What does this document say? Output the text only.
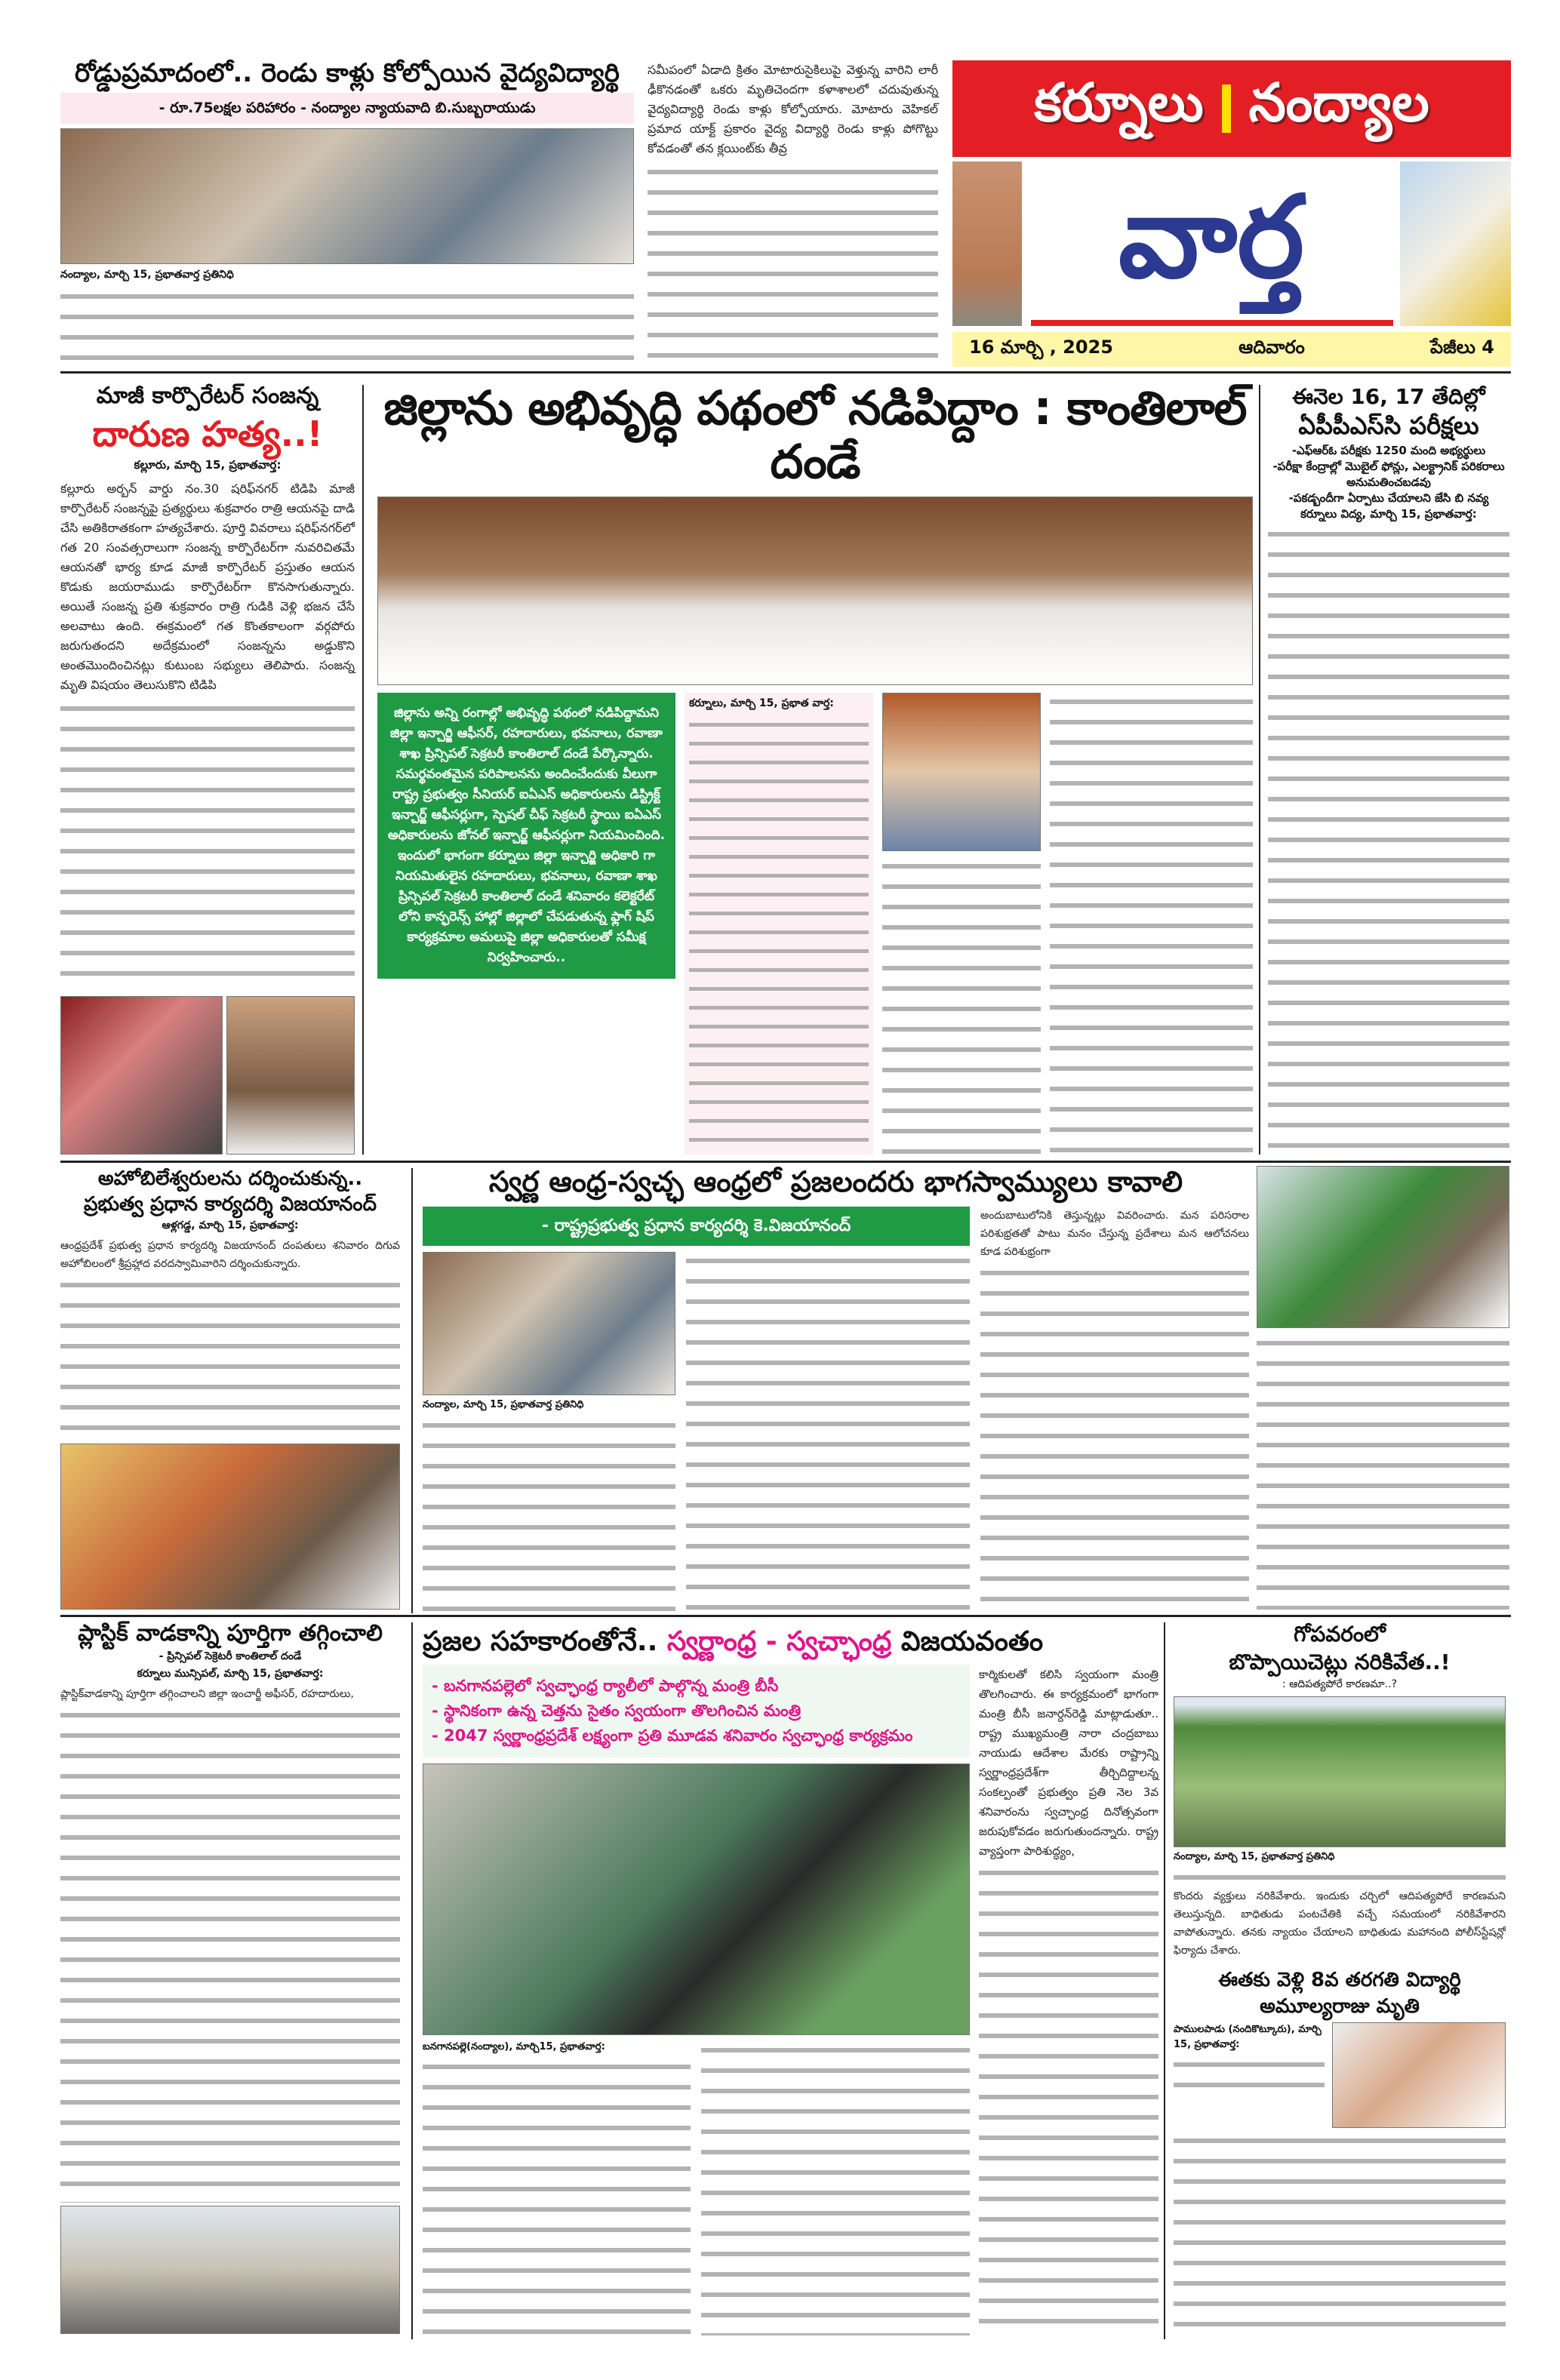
రోడ్డుప్రమాదంలో.. రెండు కాళ్లు కోల్పోయిన వైద్యవిద్యార్థి
- రూ.75లక్షల పరిహారం - నంద్యాల న్యాయవాది బి.సుబ్బరాయుడు
నంద్యాల, మార్చి 15, ప్రభాతవార్త ప్రతినిధి
సమీపంలో ఏడాది క్రితం మోటారుసైకిలుపై వెళ్తున్న వారిని లారీ ఢీకొనడంతో ఒకరు మృతిచెందగా కళాశాలలో చదువుతున్న వైద్యవిద్యార్థి రెండు కాళ్లు కోల్పోయారు. మోటారు వెహికల్ ప్రమాద యాక్ట్ ప్రకారం వైద్య విద్యార్థి రెండు కాళ్లు పోగొట్టు కోవడంతో తన క్లయింట్‌కు తీవ్ర
కర్నూలు నంద్యాల
వార్త
16 మార్చి , 2025	ఆదివారం	పేజీలు 4
మాజీ కార్పొరేటర్ సంజన్న
దారుణ హత్య..!
కల్లూరు, మార్చి 15, ప్రభాతవార్త:
కల్లూరు అర్బన్ వార్డు నం.30 షరిఫ్‌నగర్ టిడిపి మాజీ కార్పొరేటర్ సంజన్నపై ప్రత్యర్థులు శుక్రవారం రాత్రి ఆయనపై దాడి చేసి అతికిరాతకంగా హత్యచేశారు. పూర్తి వివరాలు షరిఫ్‌నగర్‌లో గత 20 సంవత్సరాలుగా సంజన్న కార్పొరేటర్‌గా నువరిచితమే ఆయనతో భార్య కూడ మాజీ కార్పొరేటర్ ప్రస్తుతం ఆయన కొడుకు జయరాముడు కార్పొరేటర్‌గా కొనసాగుతున్నారు. అయితే సంజన్న ప్రతి శుక్రవారం రాత్రి గుడికి వెళ్లి భజన చేసే అలవాటు ఉంది. ఈక్రమంలో గత కొంతకాలంగా వర్గపోరు జరుగుతందని అదేక్రమంలో సంజన్నను అడ్డుకొని అంతమొందించినట్లు కుటుంబ సభ్యులు తెలిపారు. సంజన్న మృతి విషయం తెలుసుకొని టిడిపి
జిల్లాను అభివృద్ధి పథంలో నడిపిద్దాం : కాంతిలాల్ దండే
జిల్లాను అన్ని రంగాల్లో అభివృద్ధి పథంలో నడిపిద్దామని జిల్లా ఇన్చార్జి ఆఫీసర్, రహదారులు, భవనాలు, రవాణా శాఖ ప్రిన్సిపల్ సెక్రటరీ కాంతిలాల్ దండే పేర్కొన్నారు. సమర్థవంతమైన పరిపాలనను అందించేందుకు వీలుగా రాష్ట్ర ప్రభుత్వం సీనియర్ ఐఏఎస్ అధికారులను డిస్ట్రిక్ట్ ఇన్చార్జ్ ఆఫీసర్లుగా, స్పెషల్ చీఫ్ సెక్రటరీ స్థాయి ఐఏఎస్ అధికారులను జోనల్ ఇన్చార్జ్ ఆఫీసర్లుగా నియమించింది. ఇందులో భాగంగా కర్నూలు జిల్లా ఇన్చార్జి అధికారి గా నియమితులైన రహదారులు, భవనాలు, రవాణా శాఖ ప్రిన్సిపల్ సెక్రటరీ కాంతిలాల్ దండే శనివారం కలెక్టరేట్ లోని కాన్ఫరెన్స్ హాల్లో జిల్లాలో చేపడుతున్న ఫ్లాగ్ షిప్ కార్యక్రమాల అమలుపై జిల్లా అధికారులతో సమీక్ష నిర్వహించారు..
కర్నూలు, మార్చి 15, ప్రభాత వార్త:
ఈనెల 16, 17 తేదిల్లో
ఏపీపీఎస్‌సి పరీక్షలు
-ఎఫ్ఆర్ఓ పరీక్షకు 1250 మంది అభ్యర్థులు
-పరీక్షా కేంద్రాల్లో మొబైల్ ఫోన్లు, ఎలక్ట్రానిక్ పరికరాలు అనుమతించబడవు
-పకడ్బందీగా ఏర్పాటు చేయాలని జేసి బి నవ్య
కర్నూలు విద్య, మార్చి 15, ప్రభాతవార్త:
అహోబిలేశ్వరులను దర్శించుకున్న..
ప్రభుత్వ ప్రధాన కార్యదర్శి విజయానంద్
ఆళ్లగడ్డ, మార్చి 15, ప్రభాతవార్త:
ఆంధ్రప్రదేశ్ ప్రభుత్వ ప్రధాన కార్యదర్శి విజయానంద్ దంపతులు శనివారం దిగువ అహోబిలంలో శ్రీప్రహ్లాద వరదస్వామివారిని దర్శించుకున్నారు.
స్వర్ణ ఆంధ్ర-స్వచ్ఛ ఆంధ్రలో ప్రజలందరు భాగస్వామ్యులు కావాలి
- రాష్ట్రప్రభుత్వ ప్రధాన కార్యదర్శి కె.విజయానంద్
నంద్యాల, మార్చి 15, ప్రభాతవార్త ప్రతినిధి
అందుబాటులోనికి తెస్తున్నట్లు వివరించారు. మన పరిసరాల పరిశుభ్రతతో పాటు మనం చేస్తున్న ప్రదేశాలు మన ఆలోచనలు కూడ పరిశుభ్రంగా
ప్లాస్టిక్ వాడకాన్ని పూర్తిగా తగ్గించాలి
- ప్రిన్సిపల్ సెక్రెటరీ కాంతిలాల్ దండే
కర్నూలు మున్సిపల్, మార్చి 15, ప్రభాతవార్త:
ప్లాస్టిక్‌వాడకాన్ని పూర్తిగా తగ్గించాలని జిల్లా ఇంచార్జీ అఫీసర్, రహదారులు,
ప్రజల సహకారంతోనే.. స్వర్ణాంధ్ర - స్వచ్ఛాంధ్ర విజయవంతం
- బనగానపల్లెలో స్వచ్ఛాంధ్ర ర్యాలీలో పాల్గొన్న మంత్రి బీసీ
- స్థానికంగా ఉన్న చెత్తను సైతం స్వయంగా తొలగించిన మంత్రి
- 2047 స్వర్ణాంధ్రప్రదేశ్ లక్ష్యంగా ప్రతి మూడవ శనివారం స్వచ్ఛాంధ్ర కార్యక్రమం
బనగానపల్లె(నంద్యాల), మార్చి15, ప్రభాతవార్త:
కార్మికులతో కలిసి స్వయంగా మంత్రి తొలగించారు. ఈ కార్యక్రమంలో భాగంగా మంత్రి బీసీ జనార్దన్‌రెడ్డి మాట్లాడుతూ.. రాష్ట్ర ముఖ్యమంత్రి నారా చంద్రబాబు నాయుడు ఆదేశాల మేరకు రాష్ట్రాన్ని స్వర్ణాంధ్రప్రదేశ్‌గా తీర్చిదిద్దాలన్న సంకల్పంతో ప్రభుత్వం ప్రతి నెల 3వ శనివారంను స్వచ్ఛాంధ్ర దినోత్సవంగా జరుపుకోవడం జరుగుతుందన్నారు. రాష్ట్ర వ్యాప్తంగా పారిశుద్ధ్యం,
గోపవరంలో
బొప్పాయిచెట్లు నరికివేత..!
: ఆదిపత్యపోరే కారణమా..?
నంద్యాల, మార్చి 15, ప్రభాతవార్త ప్రతినిధి
కొందరు వ్యక్తులు నరికివేశారు. ఇందుకు చర్చిలో ఆదిపత్యపోరే కారణమని తెలుస్తున్నది. బాధితుడు పంటచేతికి వచ్చే సమయంలో నరికివేశారని వాపోతున్నారు. తనకు న్యాయం చేయాలని బాధితుడు మహానంది పోలీస్‌స్టేషన్లో ఫిర్యాదు చేశారు.
ఈతకు వెళ్లి 8వ తరగతి విద్యార్థి
అమూల్యరాజు మృతి
పాములపాడు (నందికొట్కూరు), మార్చి 15, ప్రభాతవార్త:
